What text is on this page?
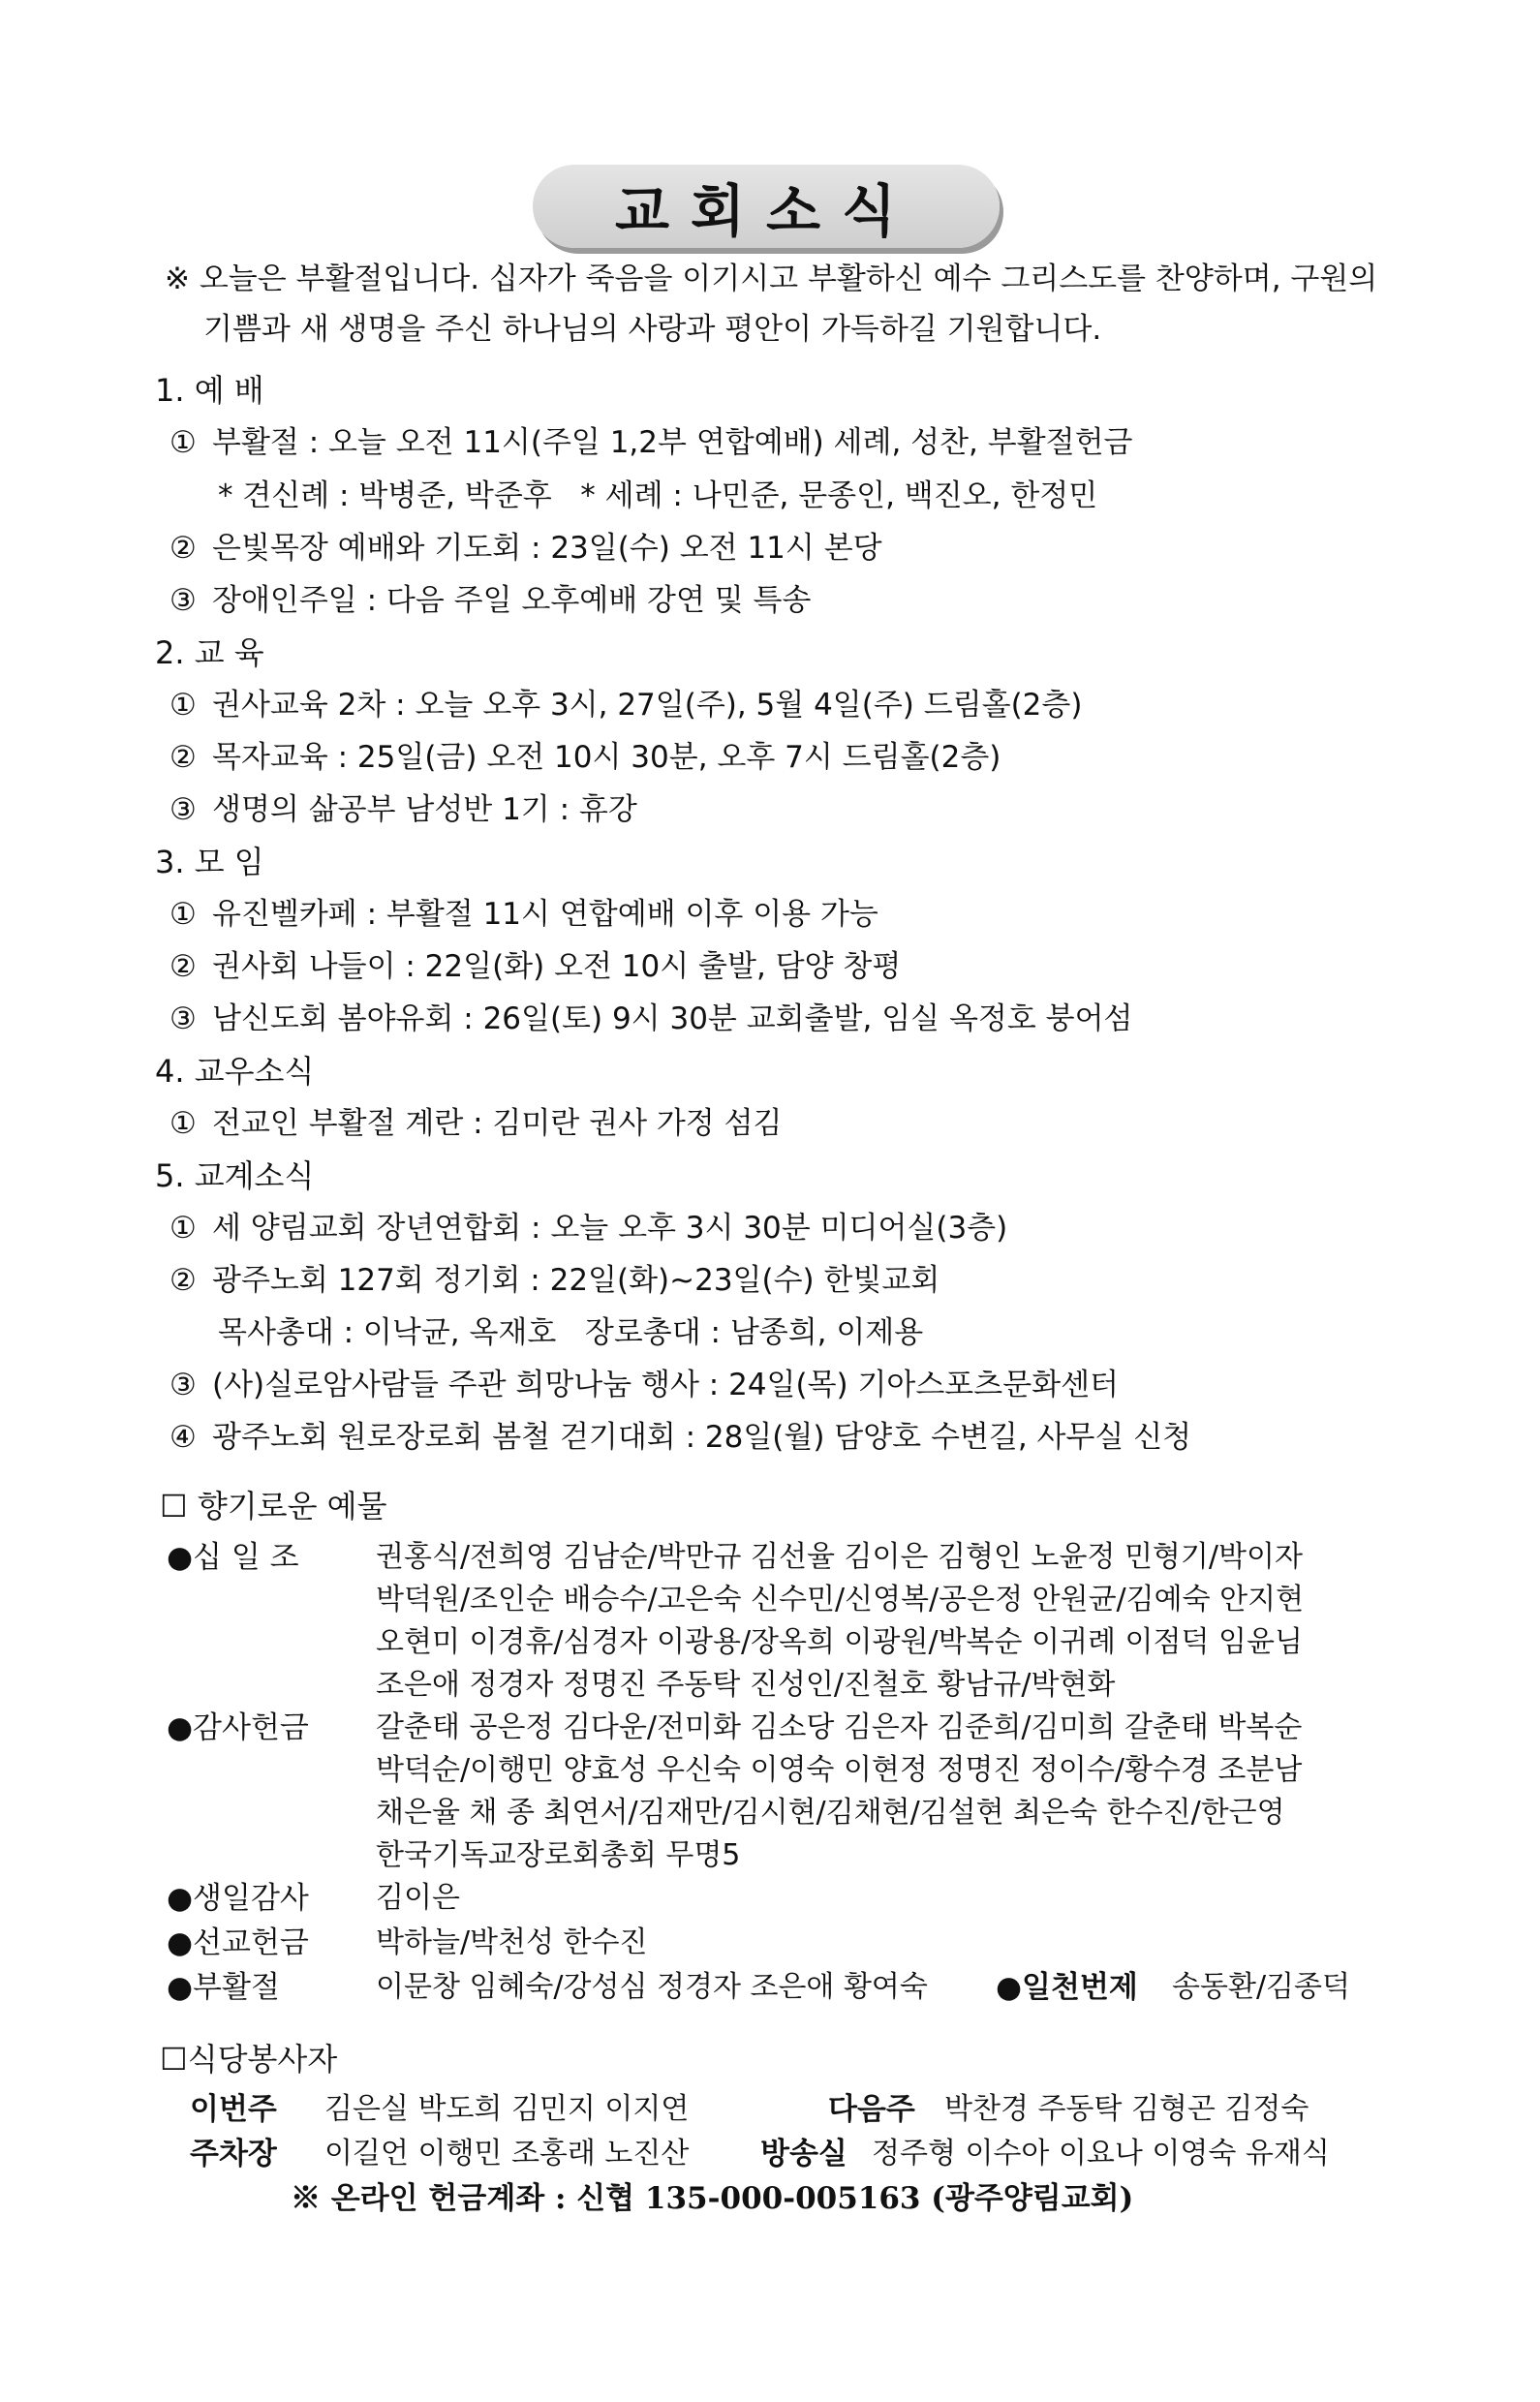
교회소식
※ 오늘은 부활절입니다. 십자가 죽음을 이기시고 부활하신 예수 그리스도를 찬양하며, 구원의
기쁨과 새 생명을 주신 하나님의 사랑과 평안이 가득하길 기원합니다.
1. 예 배
① 부활절 : 오늘 오전 11시(주일 1,2부 연합예배) 세례, 성찬, 부활절헌금
* 견신례 : 박병준, 박준후   * 세례 : 나민준, 문종인, 백진오, 한정민
② 은빛목장 예배와 기도회 : 23일(수) 오전 11시 본당
③ 장애인주일 : 다음 주일 오후예배 강연 및 특송
2. 교 육
① 권사교육 2차 : 오늘 오후 3시, 27일(주), 5월 4일(주) 드림홀(2층)
② 목자교육 : 25일(금) 오전 10시 30분, 오후 7시 드림홀(2층)
③ 생명의 삶공부 남성반 1기 : 휴강
3. 모 임
① 유진벨카페 : 부활절 11시 연합예배 이후 이용 가능
② 권사회 나들이 : 22일(화) 오전 10시 출발, 담양 창평
③ 남신도회 봄야유회 : 26일(토) 9시 30분 교회출발, 임실 옥정호 붕어섬
4. 교우소식
① 전교인 부활절 계란 : 김미란 권사 가정 섬김
5. 교계소식
① 세 양림교회 장년연합회 : 오늘 오후 3시 30분 미디어실(3층)
② 광주노회 127회 정기회 : 22일(화)~23일(수) 한빛교회
목사총대 : 이낙균, 옥재호   장로총대 : 남종희, 이제용
③ (사)실로암사람들 주관 희망나눔 행사 : 24일(목) 기아스포츠문화센터
④ 광주노회 원로장로회 봄철 걷기대회 : 28일(월) 담양호 수변길, 사무실 신청
☐ 향기로운 예물
●십 일 조	권홍식/전희영 김남순/박만규 김선율 김이은 김형인 노윤정 민형기/박이자
박덕원/조인순 배승수/고은숙 신수민/신영복/공은정 안원균/김예숙 안지현
오현미 이경휴/심경자 이광용/장옥희 이광원/박복순 이귀례 이점덕 임윤님
조은애 정경자 정명진 주동탁 진성인/진철호 황남규/박현화
●감사헌금 갈춘태 공은정 김다운/전미화 김소당 김은자 김준희/김미희 갈춘태 박복순
박덕순/이행민 양효성 우신숙 이영숙 이현정 정명진 정이수/황수경 조분남
채은율 채 종 최연서/김재만/김시현/김채현/김설현 최은숙 한수진/한근영
한국기독교장로회총회 무명5
●생일감사 김이은
●선교헌금 박하늘/박천성 한수진
●부활절	이문창 임혜숙/강성심 정경자 조은애 황여숙 ●일천번제 송동환/김종덕
☐식당봉사자
이번주 김은실 박도희 김민지 이지연	다음주 박찬경 주동탁 김형곤 김정숙
주차장 이길언 이행민 조홍래 노진산 방송실 정주형 이수아 이요나 이영숙 유재식
※ 온라인 헌금계좌 : 신협 135-000-005163 (광주양림교회)
